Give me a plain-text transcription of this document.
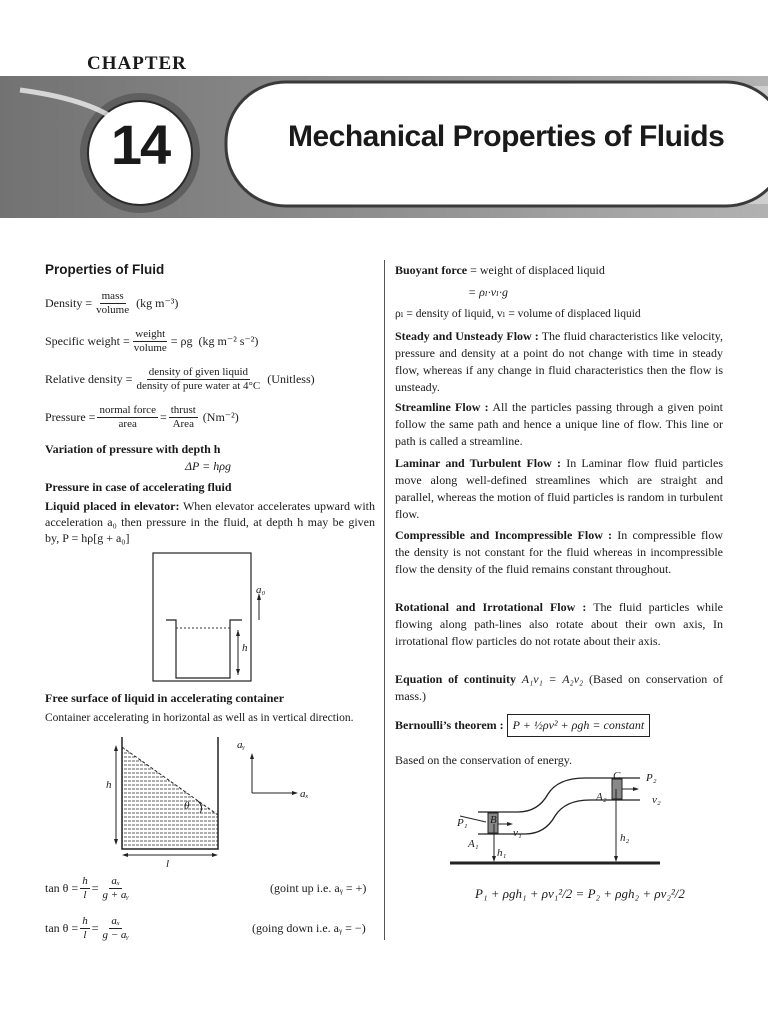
CHAPTER
14	Mechanical Properties of Fluids
Properties of Fluid
Density = $\frac{\text{mass}}{\text{volume}}$
(kg m⁻³)
Specific weight = $\frac{\text{weight}}{\text{volume}} = \rho g$
(kg m⁻² s⁻²)
Relative density = $\frac{\text{density of given liquid}}{\text{density of pure water at 4°C}}$
(Unitless)
Pressure = $\frac{\text{normal force}}{\text{area}} = \frac{\text{thrust}}{\text{Area}}$
(Nm⁻²)
Variation of pressure with depth h
ΔP = hρg
Pressure in case of accelerating fluid
Liquid placed in elevator: When elevator accelerates upward with acceleration a₀ then pressure in the fluid, at depth h may be given by, P = hρ[g + a₀]
a₀
h
Free surface of liquid in accelerating container
Container accelerating in horizontal as well as in vertical direction.
h
θ
l
aᵧ
aₓ
$\tan \theta = \frac{h}{l} = \frac{\text{aₓ}}{\text{g + aᵧ}}$	(goint up i.e. aᵧ = +)
$\tan \theta = \frac{h}{l} = \frac{\text{aₓ}}{\text{g − aᵧ}}$	(going down i.e. aᵧ = −)
Buoyant force = weight of displaced liquid
= ρₗ·vₗ·g
ρₗ = density of liquid, vₗ = volume of displaced liquid
Steady and Unsteady Flow : The fluid characteristics like velocity, pressure and density at a point do not change with time in steady flow, whereas if any change in fluid characteristics then the flow is unsteady.
Streamline Flow : All the particles passing through a given point follow the same path and hence a unique line of flow. This line or path is called a streamline.
Laminar and Turbulent Flow : In Laminar flow fluid particles move along well-defined streamlines which are straight and parallel, whereas the motion of fluid particles is random in turbulent flow.
Compressible and Incompressible Flow : In compressible flow the density is not constant for the fluid whereas in incompressible flow the density of the fluid remains constant throughout.
Rotational and Irrotational Flow : The fluid particles while flowing along path-lines also rotate about their own axis, In irrotational flow particles do not rotate about their axis.
Equation of continuity A₁v₁ = A₂v₂ (Based on conservation of mass.)
Bernoulli’s theorem :
P + ½ρv² + ρgh = constant
Based on the conservation of energy.
C P₂
A₂	v₂
h₂
P₁ B
v₁
A₁
h₁
P₁ + ρgh₁ + ρv₁²/2 = P₂ + ρgh₂ + ρv₂²/2
